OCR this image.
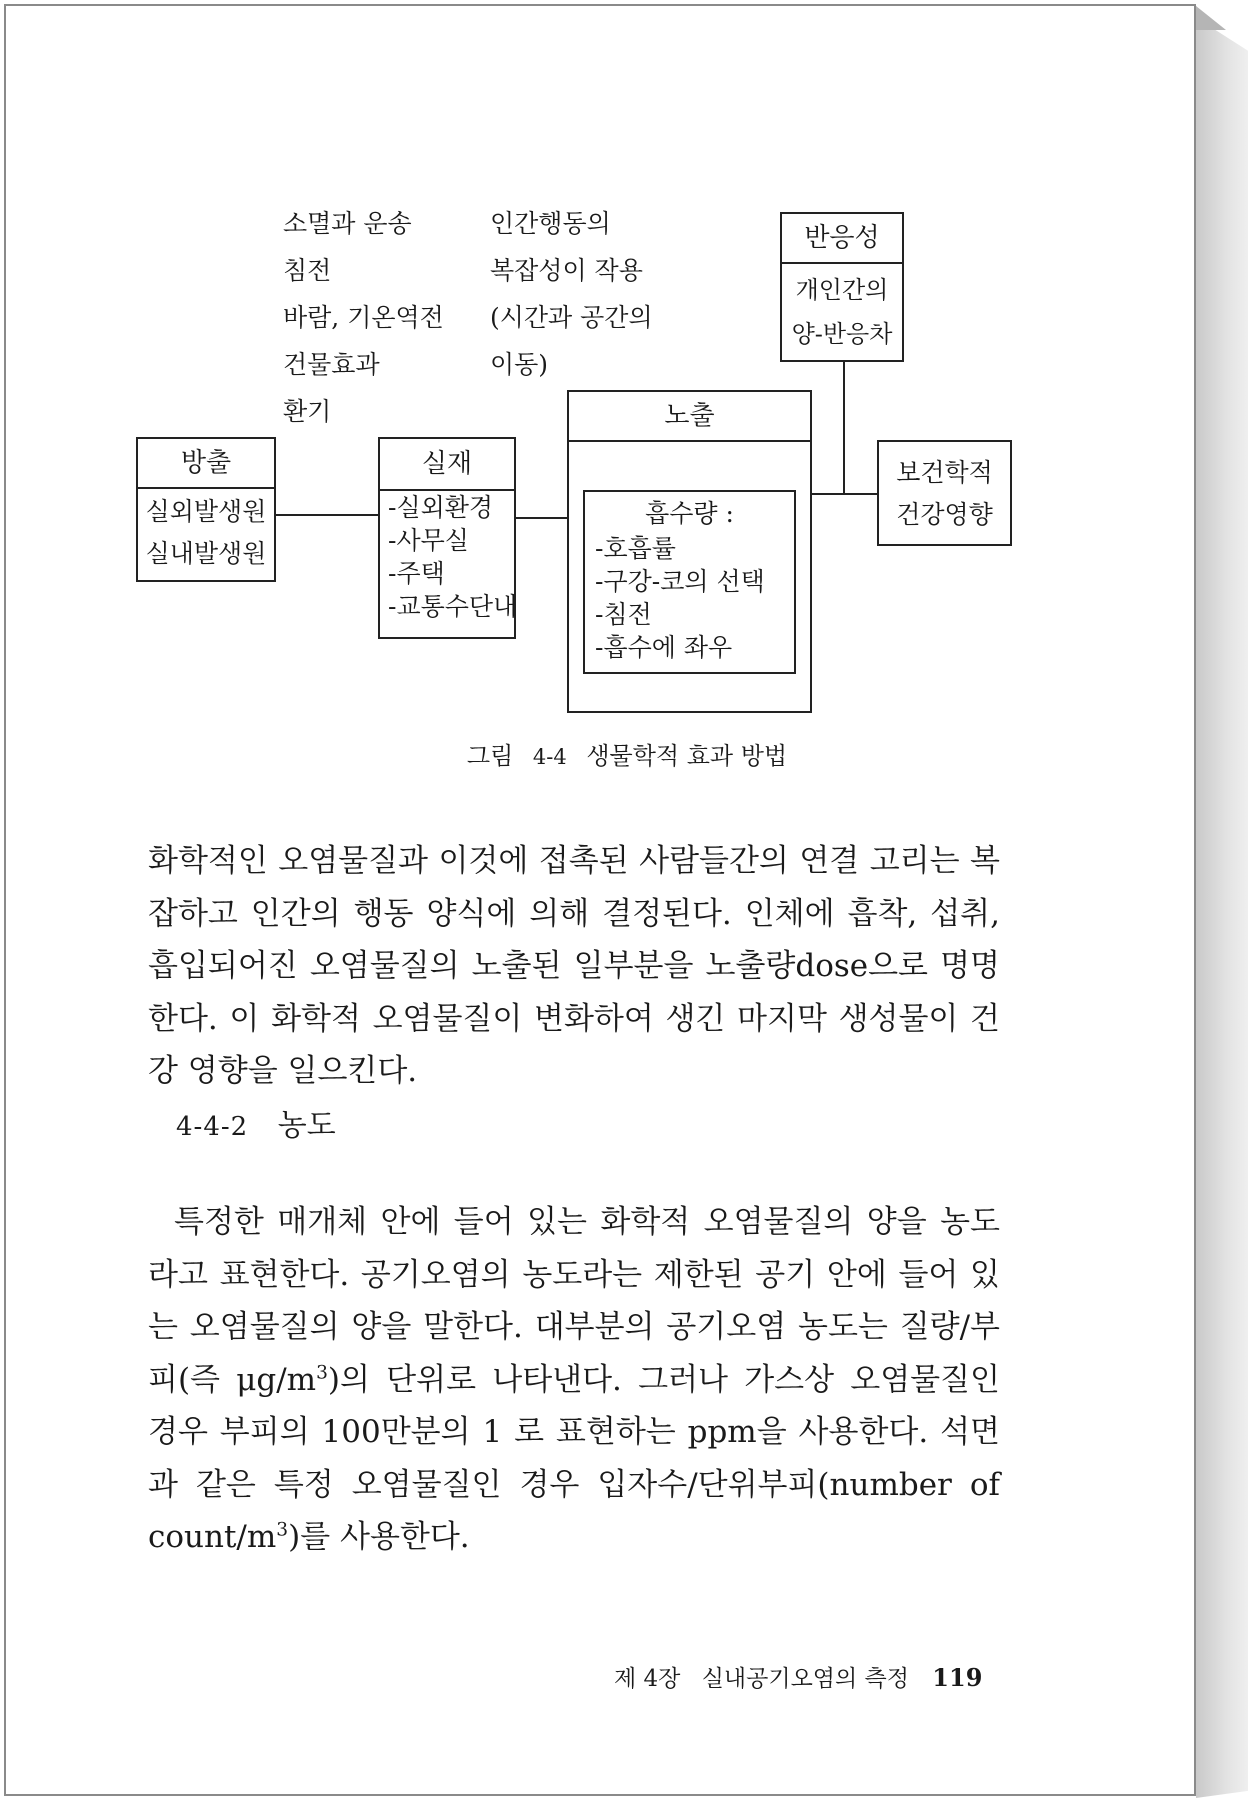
소멸과 운송
침전
바람, 기온역전
건물효과
환기
인간행동의
복잡성이 작용
(시간과 공간의
이동)
반응성
개인간의
양-반응차
방출
실외발생원
실내발생원
실재
-실외환경
-사무실
-주택
-교통수단내
노출
흡수량 :
-호흡률
-구강-코의 선택
-침전
-흡수에 좌우
보건학적
건강영향
그림 4-4 생물학적 효과 방법
화학적인 오염물질과 이것에 접촉된 사람들간의 연결 고리는 복잡하고 인간의 행동 양식에 의해 결정된다. 인체에 흡착, 섭취, 흡입되어진 오염물질의 노출된 일부분을 노출량dose으로 명명한다. 이 화학적 오염물질이 변화하여 생긴 마지막 생성물이 건강 영향을 일으킨다.
4-4-2 농도
특정한 매개체 안에 들어 있는 화학적 오염물질의 양을 농도라고 표현한다. 공기오염의 농도라는 제한된 공기 안에 들어 있는 오염물질의 양을 말한다. 대부분의 공기오염 농도는 질량/부피(즉 $\mu g/m^3$)의 단위로 나타낸다. 그러나 가스상 오염물질인 경우 부피의 100만분의 1 로 표현하는 ppm을 사용한다. 석면과 같은 특정 오염물질인 경우 입자수/단위부피(number of count/$m^3$)를 사용한다.
제 4장 실내공기오염의 측정 119
